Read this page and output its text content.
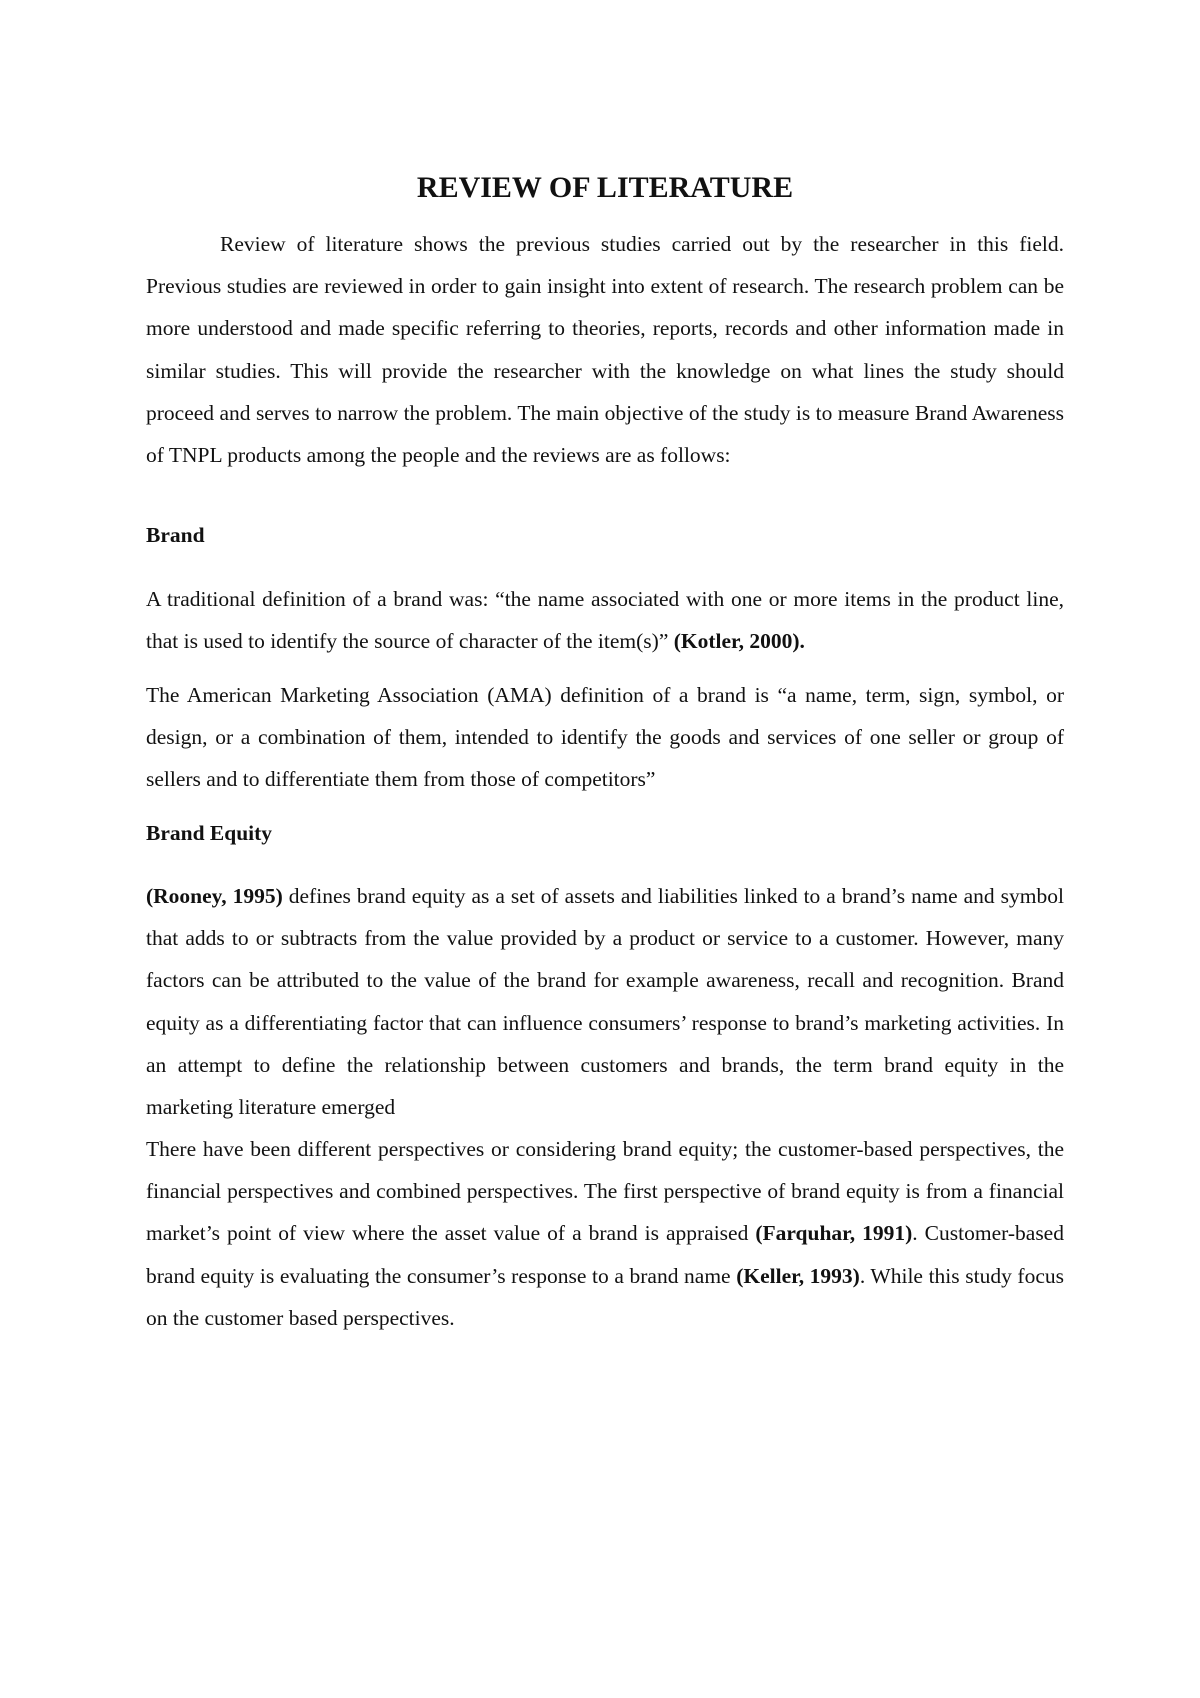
REVIEW OF LITERATURE

Review of literature shows the previous studies carried out by the researcher in this field. Previous studies are reviewed in order to gain insight into extent of research. The research problem can be more understood and made specific referring to theories, reports, records and other information made in similar studies. This will provide the researcher with the knowledge on what lines the study should proceed and serves to narrow the problem. The main objective of the study is to measure Brand Awareness of TNPL products among the people and the reviews are as follows:

Brand

A traditional definition of a brand was: “the name associated with one or more items in the product line, that is used to identify the source of character of the item(s)” (Kotler, 2000).

The American Marketing Association (AMA) definition of a brand is “a name, term, sign, symbol, or design, or a combination of them, intended to identify the goods and services of one seller or group of sellers and to differentiate them from those of competitors”

Brand Equity

(Rooney, 1995) defines brand equity as a set of assets and liabilities linked to a brand’s name and symbol that adds to or subtracts from the value provided by a product or service to a customer. However, many factors can be attributed to the value of the brand for example awareness, recall and recognition. Brand equity as a differentiating factor that can influence consumers’ response to brand’s marketing activities. In an attempt to define the relationship between customers and brands, the term brand equity in the marketing literature emerged

There have been different perspectives or considering brand equity; the customer-based perspectives, the financial perspectives and combined perspectives. The first perspective of brand equity is from a financial market’s point of view where the asset value of a brand is appraised (Farquhar, 1991). Customer-based brand equity is evaluating the consumer’s response to a brand name (Keller, 1993). While this study focus on the customer based perspectives.
